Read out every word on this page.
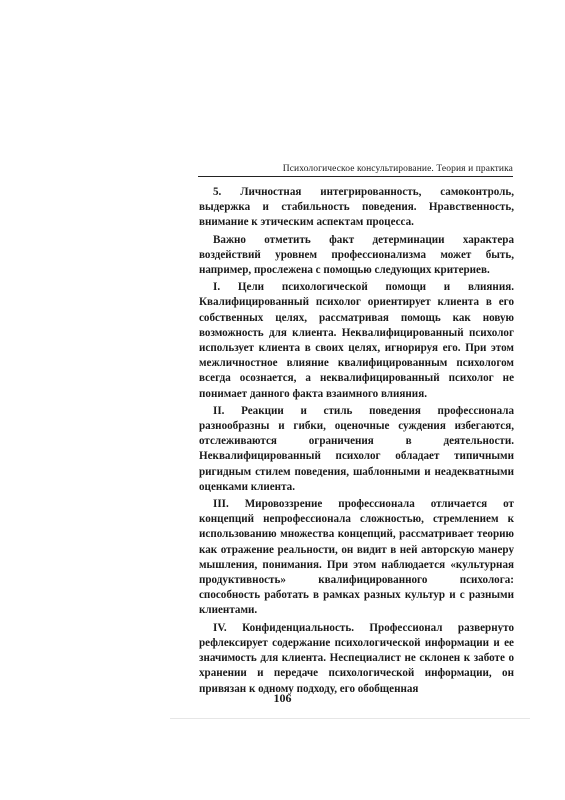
Психологическое консультирование. Теория и практика

5. Личностная интегрированность, самоконтроль, выдержка и стабильность поведения. Нравственность, внимание к этическим аспектам процесса.

Важно отметить факт детерминации характера воздействий уровнем профессионализма может быть, например, прослежена с помощью следующих критериев.

I. Цели психологической помощи и влияния. Квалифицированный психолог ориентирует клиента в его собственных целях, рассматривая помощь как новую возможность для клиента. Неквалифицированный психолог использует клиента в своих целях, игнорируя его. При этом межличностное влияние квалифицированным психологом всегда осознается, а неквалифицированный психолог не понимает данного факта взаимного влияния.

II. Реакции и стиль поведения профессионала разнообразны и гибки, оценочные суждения избегаются, отслеживаются ограничения в деятельности. Неквалифицированный психолог обладает типичными ригидным стилем поведения, шаблонными и неадекватными оценками клиента.

III. Мировоззрение профессионала отличается от концепций непрофессионала сложностью, стремлением к использованию множества концепций, рассматривает теорию как отражение реальности, он видит в ней авторскую манеру мышления, понимания. При этом наблюдается «культурная продуктивность» квалифицированного психолога: способность работать в рамках разных культур и с разными клиентами.

IV. Конфиденциальность. Профессионал развернуто рефлексирует содержание психологической информации и ее значимость для клиента. Неспециалист не склонен к заботе о хранении и передаче психологической информации, он привязан к одному подходу, его обобщенная

106
